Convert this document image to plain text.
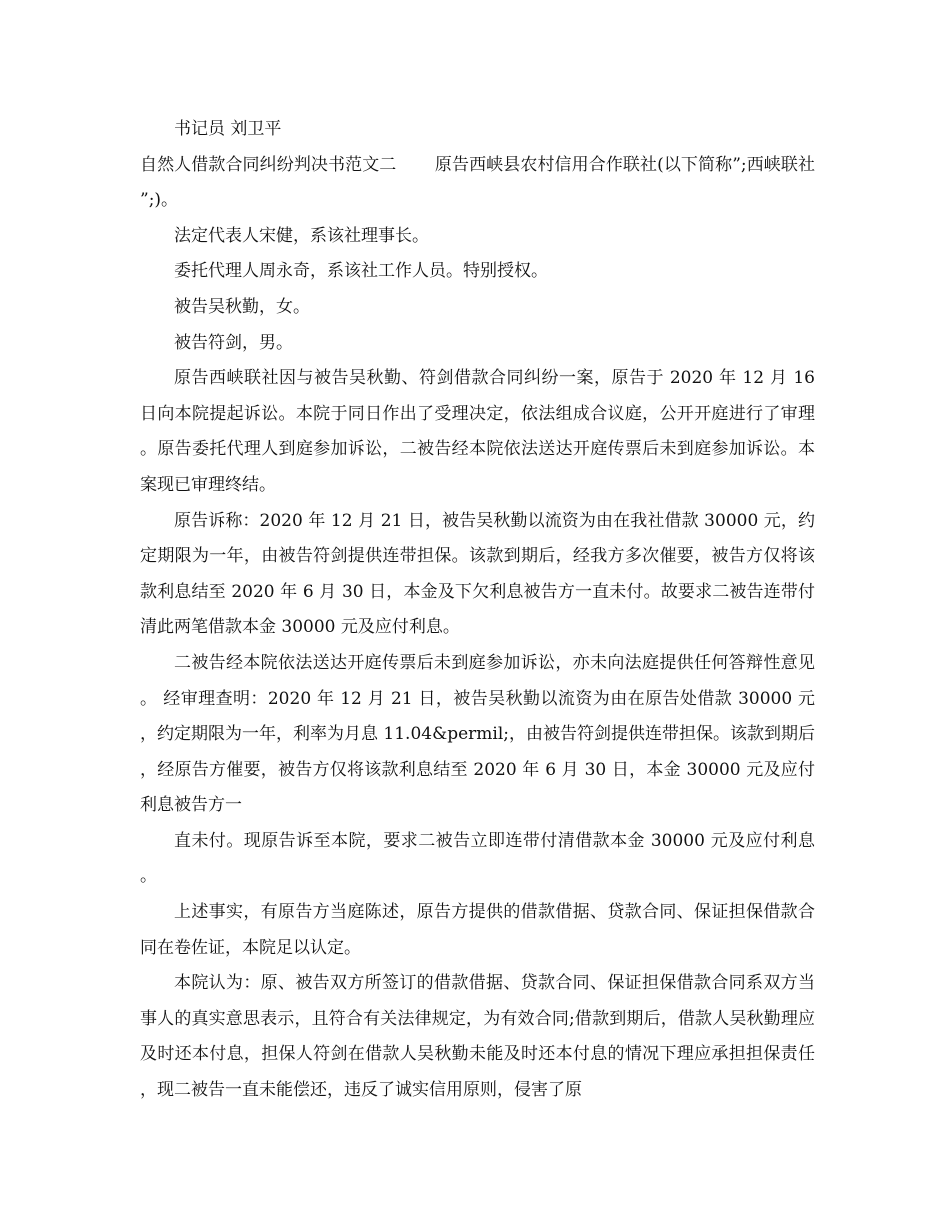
书记员 刘卫平

自然人借款合同纠纷判决书范文二       原告西峡县农村信用合作联社(以下简称”;西峡联社”;)。

法定代表人宋健，系该社理事长。

委托代理人周永奇，系该社工作人员。特别授权。

被告吴秋勤，女。

被告符剑，男。

原告西峡联社因与被告吴秋勤、符剑借款合同纠纷一案，原告于 2020 年 12 月 16 日向本院提起诉讼。本院于同日作出了受理决定，依法组成合议庭，公开开庭进行了审理。原告委托代理人到庭参加诉讼，二被告经本院依法送达开庭传票后未到庭参加诉讼。本案现已审理终结。

原告诉称：2020 年 12 月 21 日，被告吴秋勤以流资为由在我社借款 30000 元，约定期限为一年，由被告符剑提供连带担保。该款到期后，经我方多次催要，被告方仅将该款利息结至 2020 年 6 月 30 日，本金及下欠利息被告方一直未付。故要求二被告连带付清此两笔借款本金 30000 元及应付利息。

二被告经本院依法送达开庭传票后未到庭参加诉讼，亦未向法庭提供任何答辩性意见。 经审理查明：2020 年 12 月 21 日，被告吴秋勤以流资为由在原告处借款 30000 元，约定期限为一年，利率为月息 11.04&permil;，由被告符剑提供连带担保。该款到期后，经原告方催要，被告方仅将该款利息结至 2020 年 6 月 30 日，本金 30000 元及应付利息被告方一

直未付。现原告诉至本院，要求二被告立即连带付清借款本金 30000 元及应付利息。

上述事实，有原告方当庭陈述，原告方提供的借款借据、贷款合同、保证担保借款合同在卷佐证，本院足以认定。

本院认为：原、被告双方所签订的借款借据、贷款合同、保证担保借款合同系双方当事人的真实意思表示，且符合有关法律规定，为有效合同;借款到期后，借款人吴秋勤理应及时还本付息，担保人符剑在借款人吴秋勤未能及时还本付息的情况下理应承担担保责任，现二被告一直未能偿还，违反了诚实信用原则，侵害了原
